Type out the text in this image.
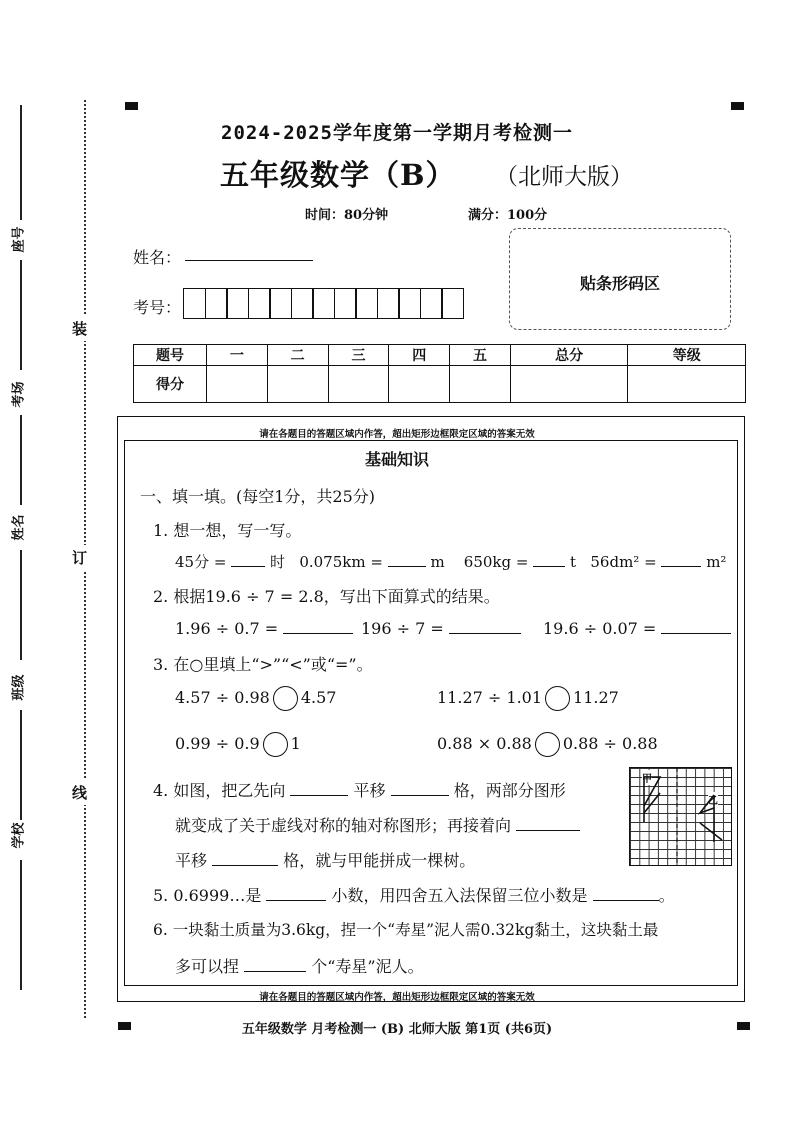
座号
考场
姓名
班级
学校
装
订
线
2024-2025学年度第一学期月考检测一
五年级数学（B） （北师大版）
时间：80分钟	满分：100分
姓名：
考号：
贴条形码区
题号	一	二	三	四	五	总分	等级
得分							
请在各题目的答题区域内作答，超出矩形边框限定区域的答案无效
基础知识
一、填一填。(每空1分，共25分)
1. 想一想，写一写。
45分 =	时 0.075km =	m 650kg =	t 56dm² =	m²
2. 根据19.6 ÷ 7 = 2.8，写出下面算式的结果。
1.96 ÷ 0.7 =	196 ÷ 7 =	19.6 ÷ 0.07 =
3. 在○里填上“>”“<”或“=”。
4.57 ÷ 0.98 4.57	11.27 ÷ 1.01 11.27
0.99 ÷ 0.9 1	0.88 × 0.88 0.88 ÷ 0.88
4. 如图，把乙先向	平移	格，两部分图形
就变成了关于虚线对称的轴对称图形；再接着向
平移	格，就与甲能拼成一棵树。
甲
乙
5. 0.6999…是	小数，用四舍五入法保留三位小数是	。
6. 一块黏土质量为3.6kg，捏一个“寿星”泥人需0.32kg黏土，这块黏土最
多可以捏	个“寿星”泥人。
请在各题目的答题区域内作答，超出矩形边框限定区域的答案无效
五年级数学 月考检测一 (B) 北师大版 第1页 (共6页)
